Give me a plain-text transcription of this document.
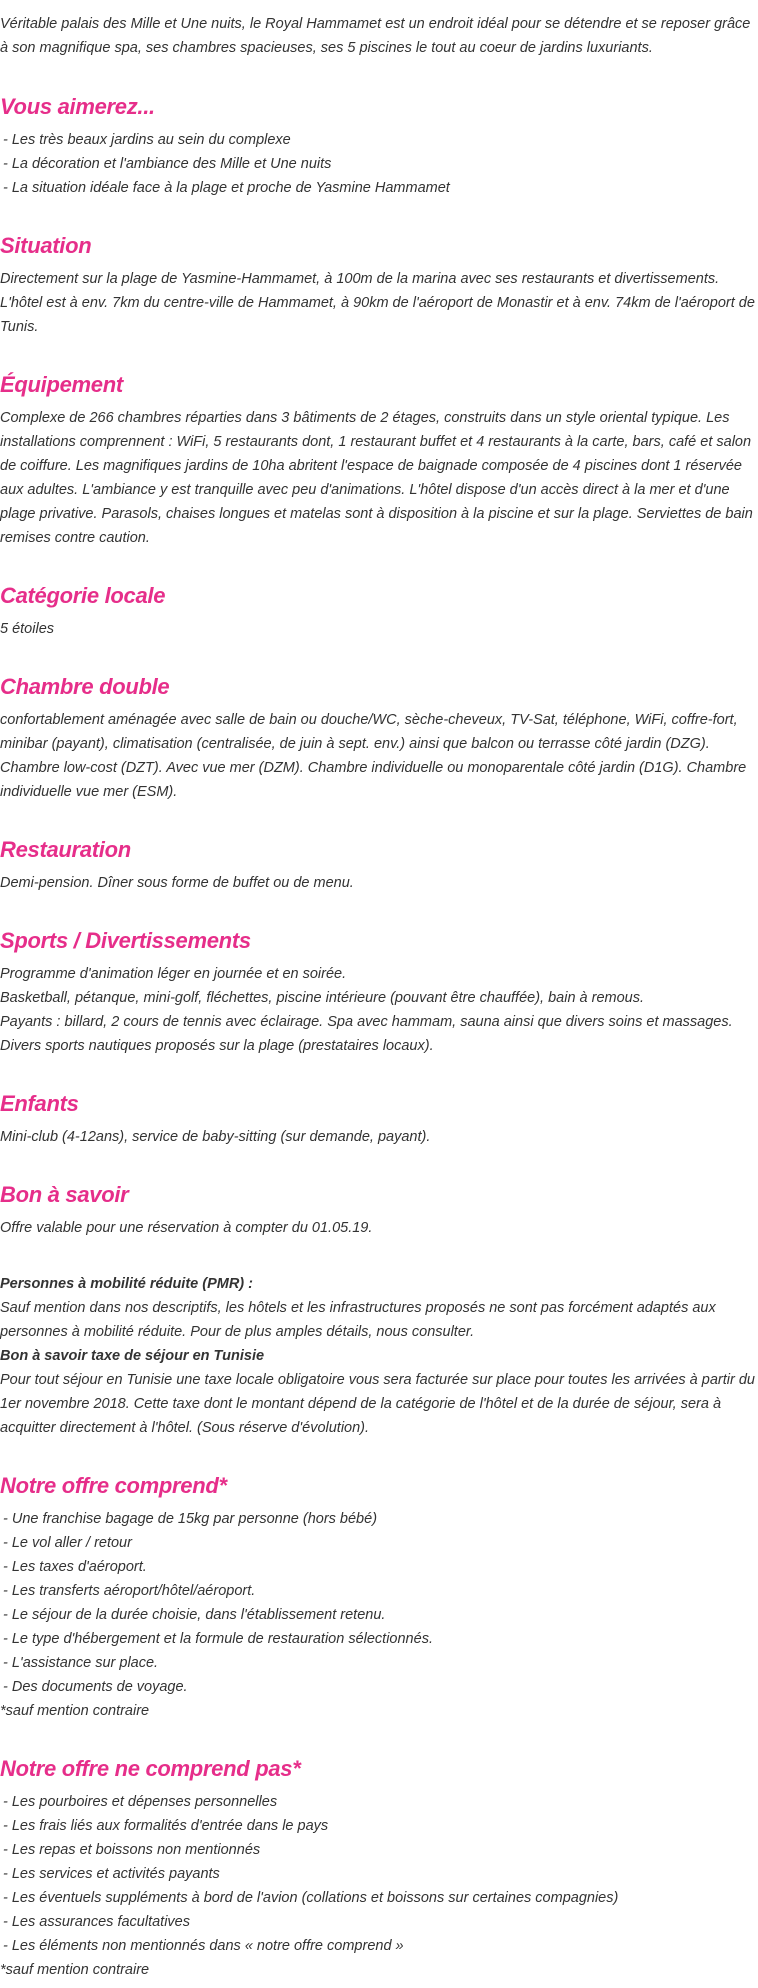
Véritable palais des Mille et Une nuits, le Royal Hammamet est un endroit idéal pour se détendre et se reposer grâce à son magnifique spa, ses chambres spacieuses, ses 5 piscines le tout au coeur de jardins luxuriants.

Vous aimerez...
- Les très beaux jardins au sein du complexe
- La décoration et l'ambiance des Mille et Une nuits
- La situation idéale face à la plage et proche de Yasmine Hammamet
Situation

Directement sur la plage de Yasmine-Hammamet, à 100m de la marina avec ses restaurants et divertissements. L'hôtel est à env. 7km du centre-ville de Hammamet, à 90km de l'aéroport de Monastir et à env. 74km de l'aéroport de Tunis.

Équipement

Complexe de 266 chambres réparties dans 3 bâtiments de 2 étages, construits dans un style oriental typique. Les installations comprennent : WiFi, 5 restaurants dont, 1 restaurant buffet et 4 restaurants à la carte, bars, café et salon de coiffure. Les magnifiques jardins de 10ha abritent l'espace de baignade composée de 4 piscines dont 1 réservée aux adultes. L'ambiance y est tranquille avec peu d'animations. L'hôtel dispose d'un accès direct à la mer et d'une plage privative. Parasols, chaises longues et matelas sont à disposition à la piscine et sur la plage. Serviettes de bain remises contre caution.

Catégorie locale

5 étoiles

Chambre double

confortablement aménagée avec salle de bain ou douche/WC, sèche-cheveux, TV-Sat, téléphone, WiFi, coffre-fort, minibar (payant), climatisation (centralisée, de juin à sept. env.) ainsi que balcon ou terrasse côté jardin (DZG). Chambre low-cost (DZT). Avec vue mer (DZM). Chambre individuelle ou monoparentale côté jardin (D1G). Chambre individuelle vue mer (ESM).

Restauration

Demi-pension. Dîner sous forme de buffet ou de menu.

Sports / Divertissements

Programme d'animation léger en journée et en soirée.

Basketball, pétanque, mini-golf, fléchettes, piscine intérieure (pouvant être chauffée), bain à remous.

Payants : billard, 2 cours de tennis avec éclairage. Spa avec hammam, sauna ainsi que divers soins et massages. Divers sports nautiques proposés sur la plage (prestataires locaux).

Enfants

Mini-club (4-12ans), service de baby-sitting (sur demande, payant).

Bon à savoir

Offre valable pour une réservation à compter du 01.05.19.

Personnes à mobilité réduite (PMR) :

Sauf mention dans nos descriptifs, les hôtels et les infrastructures proposés ne sont pas forcément adaptés aux personnes à mobilité réduite. Pour de plus amples détails, nous consulter.

Bon à savoir taxe de séjour en Tunisie

Pour tout séjour en Tunisie une taxe locale obligatoire vous sera facturée sur place pour toutes les arrivées à partir du 1er novembre 2018. Cette taxe dont le montant dépend de la catégorie de l'hôtel et de la durée de séjour, sera à acquitter directement à l'hôtel. (Sous réserve d'évolution).

Notre offre comprend*
- Une franchise bagage de 15kg par personne (hors bébé)
- Le vol aller / retour
- Les taxes d'aéroport.
- Les transferts aéroport/hôtel/aéroport.
- Le séjour de la durée choisie, dans l'établissement retenu.
- Le type d'hébergement et la formule de restauration sélectionnés.
- L'assistance sur place.
- Des documents de voyage.

*sauf mention contraire

Notre offre ne comprend pas*
- Les pourboires et dépenses personnelles
- Les frais liés aux formalités d'entrée dans le pays
- Les repas et boissons non mentionnés
- Les services et activités payants
- Les éventuels suppléments à bord de l'avion (collations et boissons sur certaines compagnies)
- Les assurances facultatives
- Les éléments non mentionnés dans « notre offre comprend »

*sauf mention contraire
